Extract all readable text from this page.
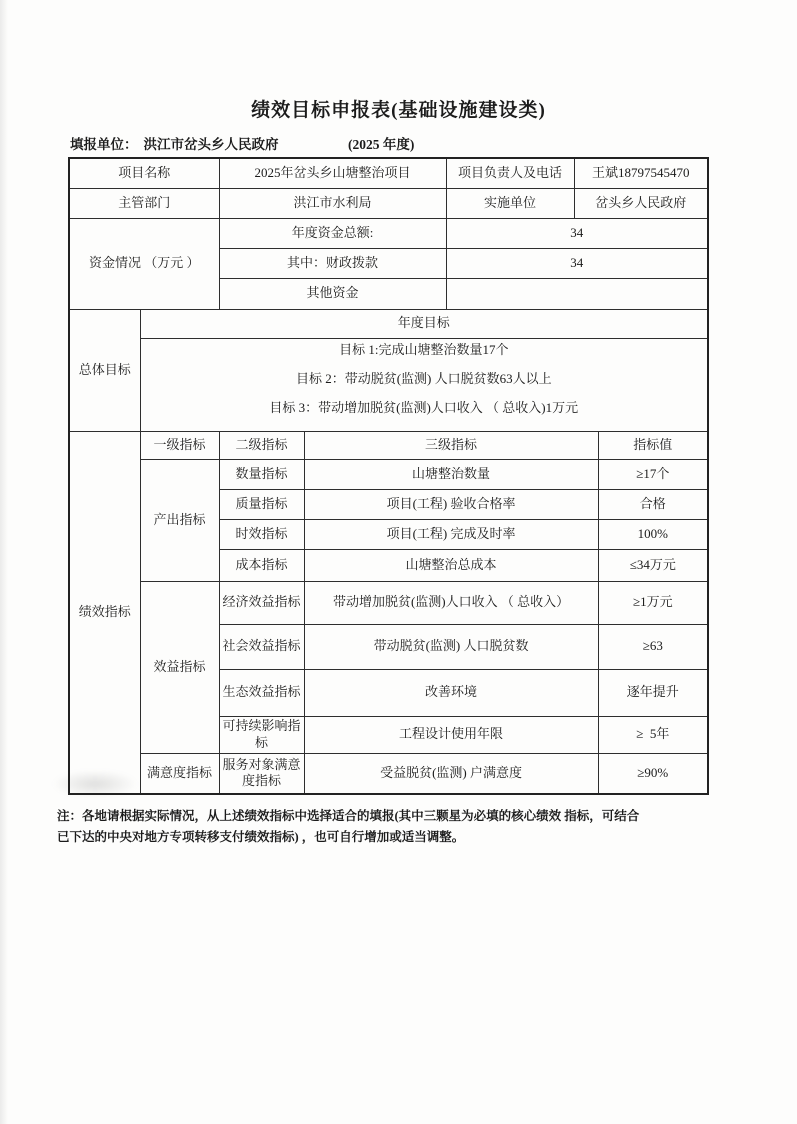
绩效目标申报表(基础设施建设类)
填报单位： 洪江市岔头乡人民政府	(2025 年度)
项目名称		2025年岔头乡山塘整治项目		项目负责人及电话	王斌18797545470	
主管部门		洪江市水利局		实施单位	岔头乡人民政府	
资金情况 （万元 ）		年度资金总额:		34		
		其中：财政拨款		34		
		其他资金				
总体目标	年度目标					

	目标 1:完成山塘整治数量17个
目标 2：带动脱贫(监测) 人口脱贫数63人以上
目标 3：带动增加脱贫(监测)人口收入 （ 总收入)1万元					

绩效指标	一级指标	二级指标	三级指标			指标值
	产出指标	数量指标	山塘整治数量			≥17个
		质量指标	项目(工程) 验收合格率			合格
		时效指标	项目(工程) 完成及时率			100%
		成本指标	山塘整治总成本			≤34万元
	效益指标	经济效益指标	带动增加脱贫(监测)人口收入 （ 总收入）			≥1万元
		社会效益指标	带动脱贫(监测) 人口脱贫数			≥63
		生态效益指标	改善环境			逐年提升
		可持续影响指标	工程设计使用年限			≥  5年
	满意度指标	服务对象满意度指标	受益脱贫(监测) 户满意度			≥90%
注：各地请根据实际情况，从上述绩效指标中选择适合的填报(其中三颗星为必填的核心绩效 指标，可结合
已下达的中央对地方专项转移支付绩效指标) ，也可自行增加或适当调整。
